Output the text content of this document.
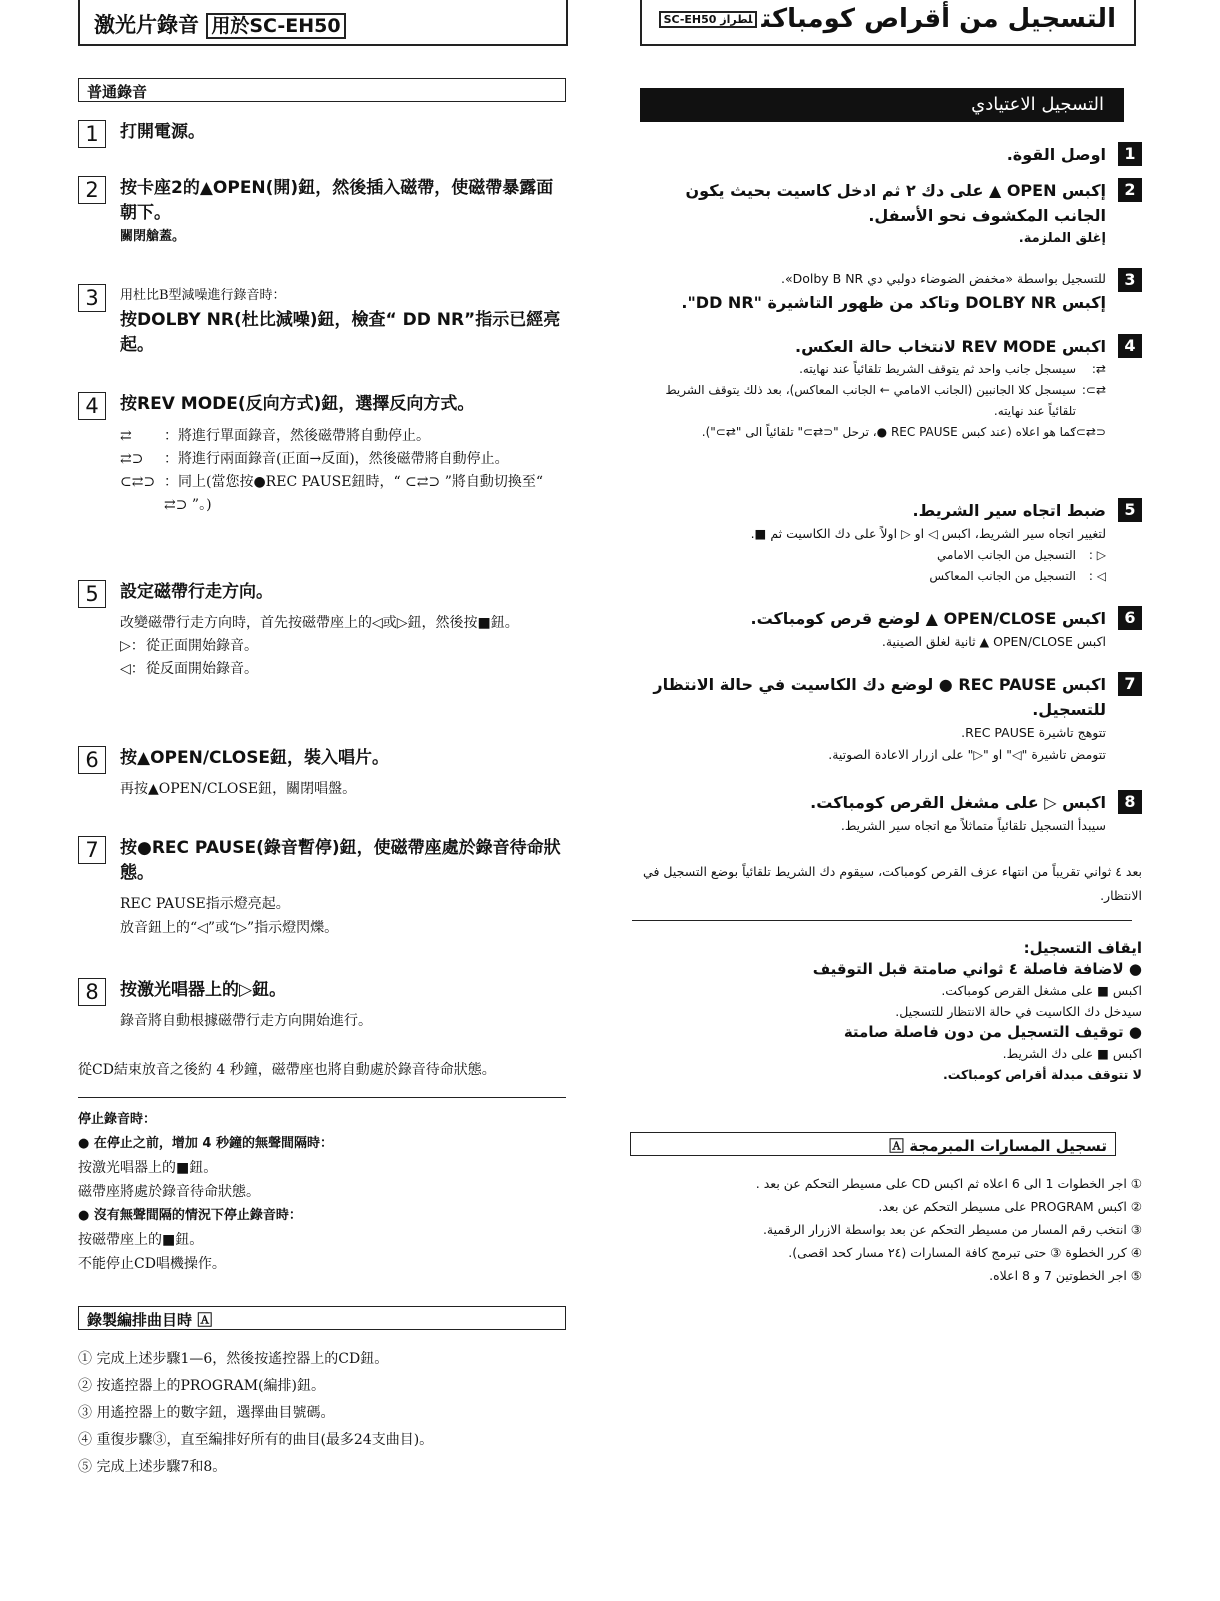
激光片錄音 用於SC-EH50
普通錄音
1	打開電源。
2	按卡座2的▲OPEN(開)鈕，然後插入磁帶，使磁帶暴露面朝下。
關閉艙蓋。
3	用杜比B型減噪進行錄音時：
按DOLBY NR(杜比減噪)鈕，檢查“ DD NR”指示已經亮起。
4	按REV MODE(反向方式)鈕，選擇反向方式。
⇄	：將進行單面錄音，然後磁帶將自動停止。
⇄⊃	：將進行兩面錄音(正面→反面)，然後磁帶將自動停止。
⊂⇄⊃ ：同上(當您按●REC PAUSE鈕時，“ ⊂⇄⊃ ”將自動切換至“ ⇄⊃ ”。)
5	設定磁帶行走方向。
改變磁帶行走方向時，首先按磁帶座上的◁或▷鈕，然後按■鈕。
▷： 從正面開始錄音。
◁： 從反面開始錄音。
6	按▲OPEN/CLOSE鈕，裝入唱片。
再按▲OPEN/CLOSE鈕，關閉唱盤。
7	按●REC PAUSE(錄音暫停)鈕，使磁帶座處於錄音待命狀態。
REC PAUSE指示燈亮起。
放音鈕上的“◁”或“▷”指示燈閃爍。
8	按激光唱器上的▷鈕。
錄音將自動根據磁帶行走方向開始進行。
從CD結束放音之後約 4 秒鐘，磁帶座也將自動處於錄音待命狀態。
停止錄音時：
● 在停止之前，增加 4 秒鐘的無聲間隔時：
按激光唱器上的■鈕。
磁帶座將處於錄音待命狀態。
● 沒有無聲間隔的情況下停止錄音時：
按磁帶座上的■鈕。
不能停止CD唱機操作。
錄製編排曲目時 🄰
① 完成上述步驟1—6，然後按遙控器上的CD鈕。
② 按遙控器上的PROGRAM(編排)鈕。
③ 用遙控器上的數字鈕，選擇曲目號碼。
④ 重復步驟③，直至編排好所有的曲目(最多24支曲目)。
⑤ 完成上述步驟7和8。
التسجيل من أقراص كومباكتلطراز SC-EH50
التسجيل الاعتيادي
1
اوصل القوة.
2
إكبس OPEN ▲ على دك ٢ ثم ادخل كاسيت بحيث يكون الجانب المكشوف نحو الأسفل.
إغلق الملزمة.
3
للتسجيل بواسطة «مخفض الضوضاء دولبي دي Dolby B NR».
إكبس DOLBY NR وتاكد من ظهور التاشيرة "DD NR".
4
اكبس REV MODE لانتخاب حالة العكس.
⇄:
سيسجل جانب واحد ثم يتوقف الشريط تلقائياً عند نهايته.
⇄⊃:
سيسجل كلا الجانبين (الجانب الامامي ← الجانب المعاكس)، بعد ذلك يتوقف الشريط تلقائياً عند نهايته.
⊂⇄⊃:
كما هو اعلاه (عند كبس REC PAUSE ●، ترحل "⊂⇄⊃" تلقائياً الى "⇄⊃").
5
ضبط اتجاه سير الشريط.
لتغيير اتجاه سير الشريط، اكبس ◁ او ▷ اولاً على دك الكاسيت ثم ■.
▷ :
التسجيل من الجانب الامامي
◁ :
التسجيل من الجانب المعاكس
6
اكبس OPEN/CLOSE ▲ لوضع قرص كومباكت.
اكبس OPEN/CLOSE ▲ ثانية لغلق الصينية.
7
اكبس REC PAUSE ● لوضع دك الكاسيت في حالة الانتظار للتسجيل.
تتوهج تاشيرة REC PAUSE.
تتومض تاشيرة "◁" او "▷" على ازرار الاعادة الصوتية.
8
اكبس ▷ على مشغل القرص كومباكت.
سيبدأ التسجيل تلقائياً متماثلاً مع اتجاه سير الشريط.
بعد ٤ ثواني تقريباً من انتهاء عزف القرص كومباكت، سيقوم دك الشريط تلقائياً بوضع التسجيل في الانتظار.
ايقاف التسجيل:
● لاضافة فاصلة ٤ ثواني صامتة قبل التوقيف
اكبس ■ على مشغل القرص كومباكت.
سيدخل دك الكاسيت في حالة الانتظار للتسجيل.
● توقيف التسجيل من دون فاصلة صامتة
اكبس ■ على دك الشريط.
لا تتوقف مبدلة أقراص كومباكت.
تسجيل المسارات المبرمجة 🄰
① اجر الخطوات 1 الى 6 اعلاه ثم اكبس CD على مسيطر التحكم عن بعد .
② اكبس PROGRAM على مسيطر التحكم عن بعد.
③ انتخب رقم المسار من مسيطر التحكم عن بعد بواسطة الازرار الرقمية.
④ كرر الخطوة ③ حتى تبرمج كافة المسارات (٢٤ مسار كحد اقصى).
⑤ اجر الخطوتين 7 و 8 اعلاه.
